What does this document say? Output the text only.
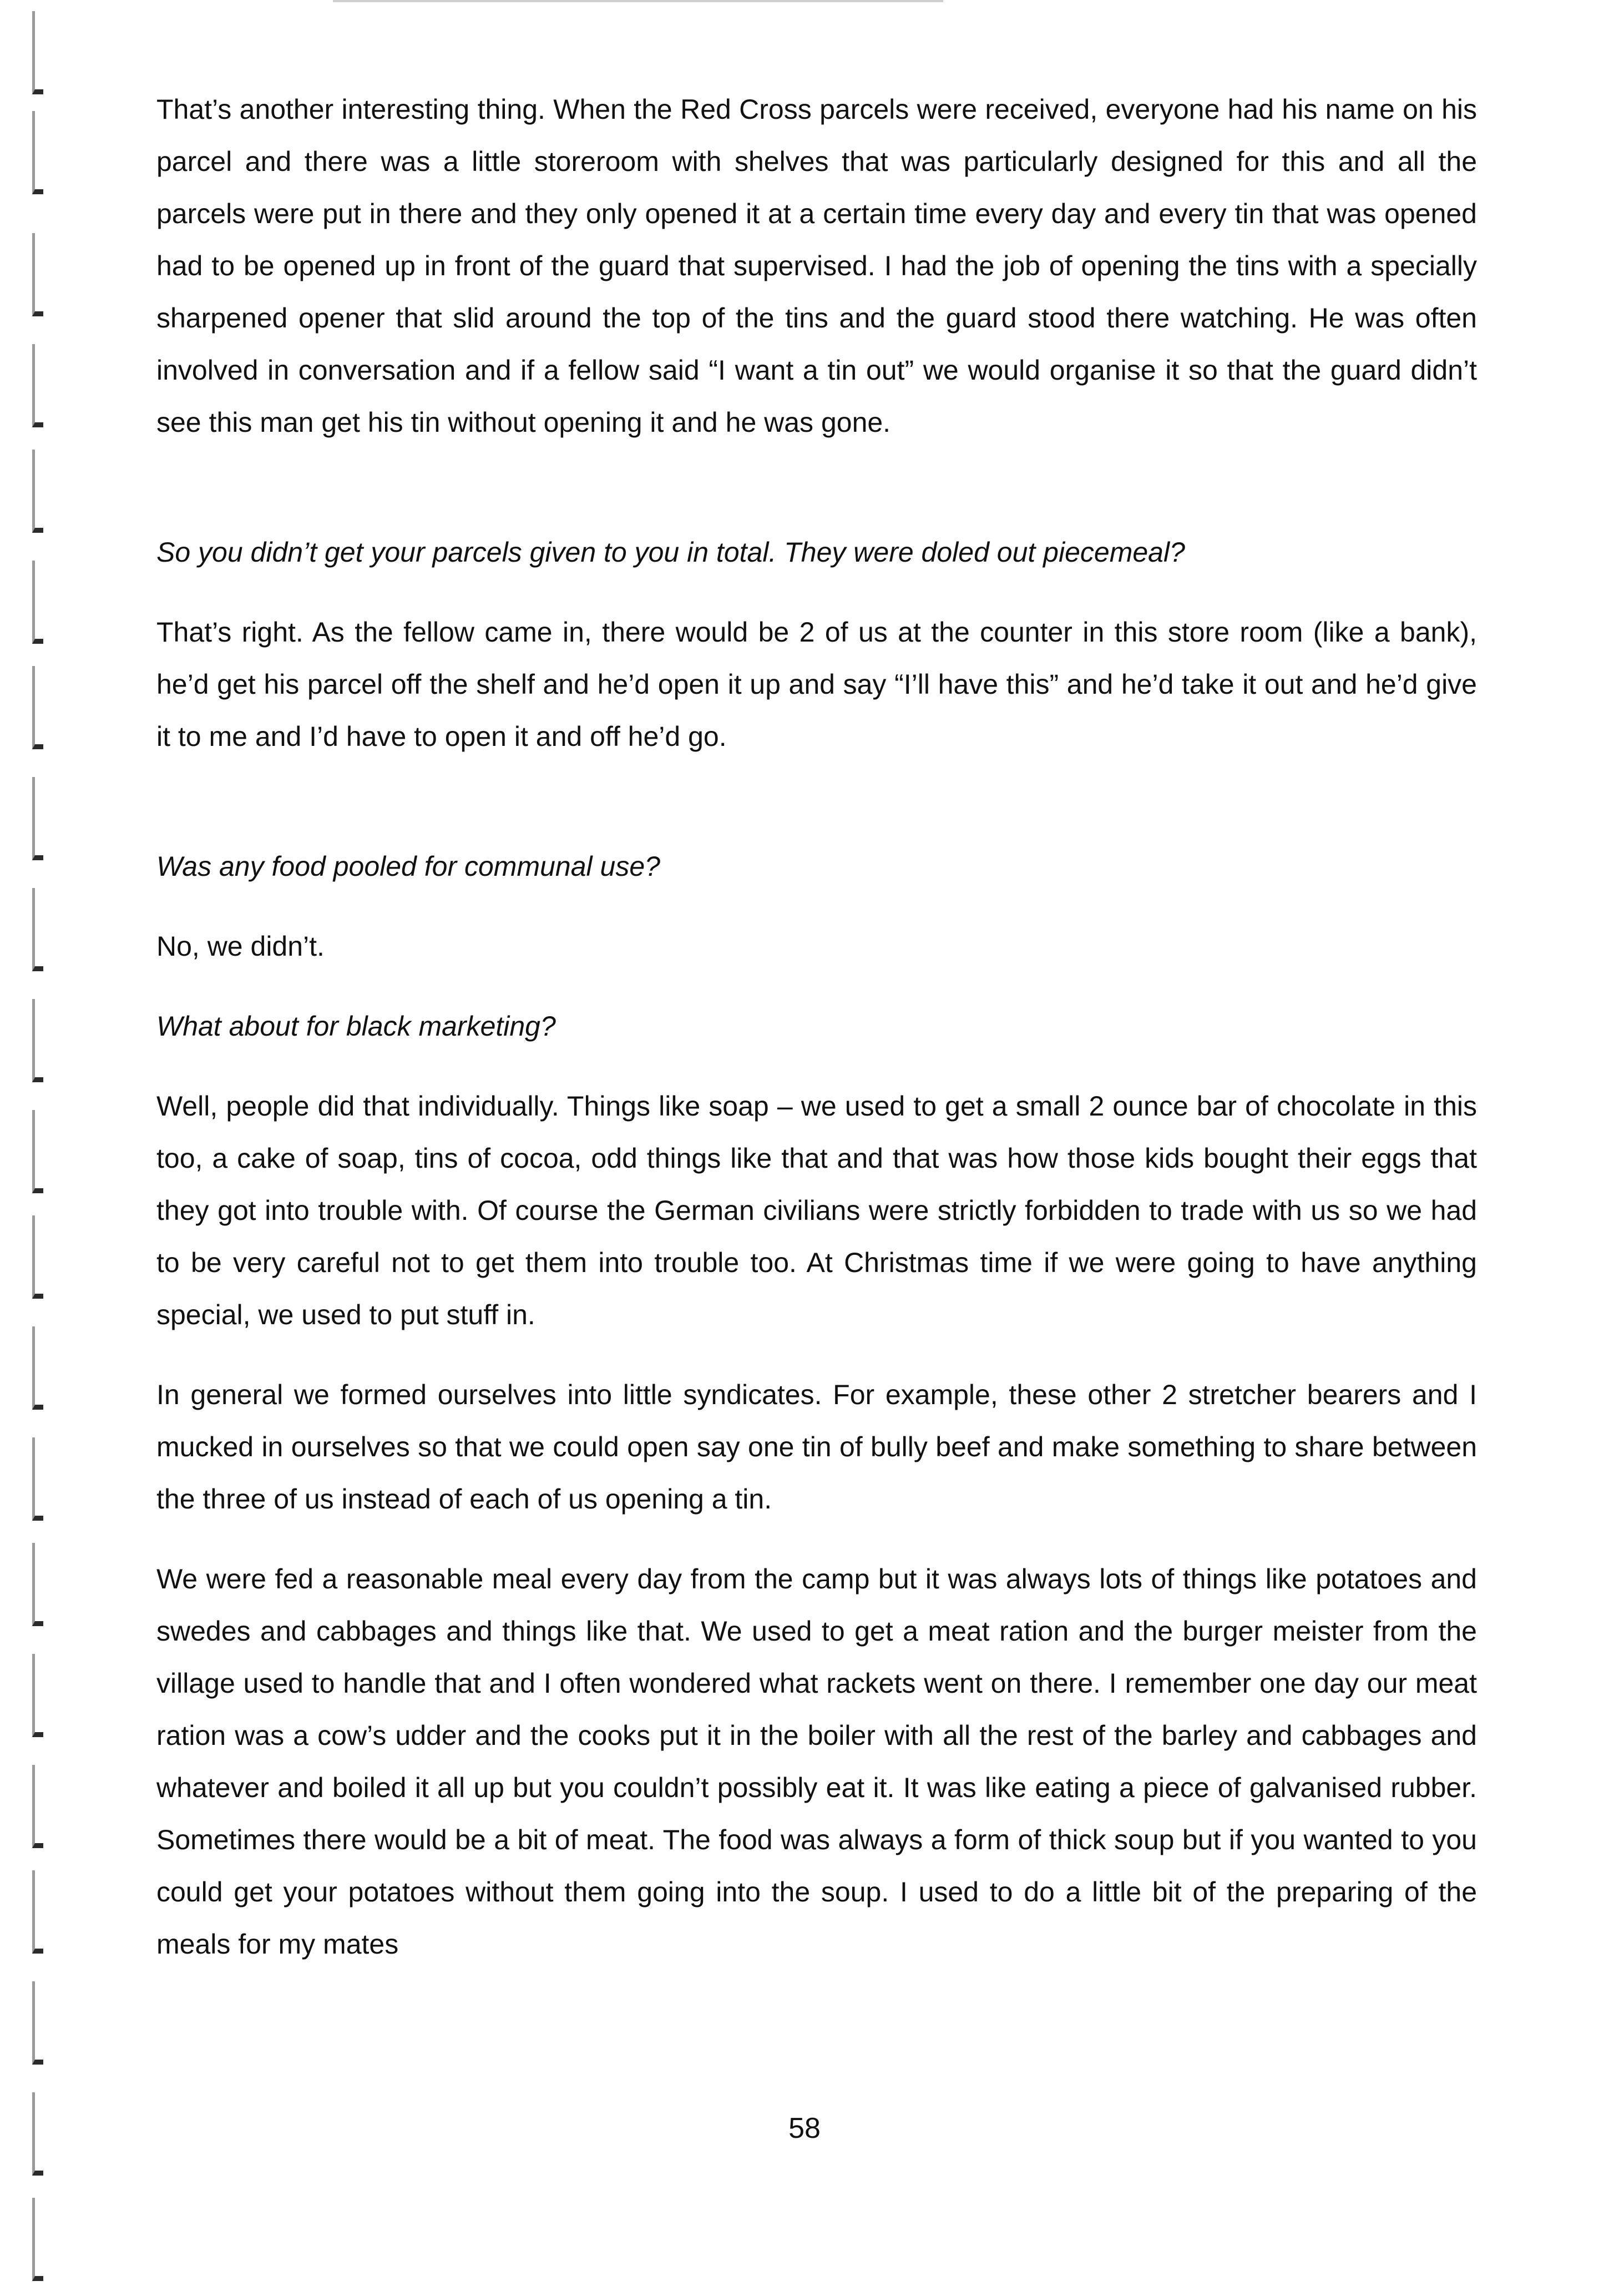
That’s another interesting thing. When the Red Cross parcels were received, everyone had his name on his parcel and there was a little storeroom with shelves that was particularly designed for this and all the parcels were put in there and they only opened it at a certain time every day and every tin that was opened had to be opened up in front of the guard that supervised. I had the job of opening the tins with a specially sharpened opener that slid around the top of the tins and the guard stood there watching. He was often involved in conversation and if a fellow said “I want a tin out” we would organise it so that the guard didn’t see this man get his tin without opening it and he was gone.

So you didn’t get your parcels given to you in total. They were doled out piecemeal?

That’s right. As the fellow came in, there would be 2 of us at the counter in this store room (like a bank), he’d get his parcel off the shelf and he’d open it up and say “I’ll have this” and he’d take it out and he’d give it to me and I’d have to open it and off he’d go.

Was any food pooled for communal use?

No, we didn’t.

What about for black marketing?

Well, people did that individually. Things like soap – we used to get a small 2 ounce bar of chocolate in this too, a cake of soap, tins of cocoa, odd things like that and that was how those kids bought their eggs that they got into trouble with. Of course the German civilians were strictly forbidden to trade with us so we had to be very careful not to get them into trouble too. At Christmas time if we were going to have anything special, we used to put stuff in.

In general we formed ourselves into little syndicates. For example, these other 2 stretcher bearers and I mucked in ourselves so that we could open say one tin of bully beef and make something to share between the three of us instead of each of us opening a tin.

We were fed a reasonable meal every day from the camp but it was always lots of things like potatoes and swedes and cabbages and things like that. We used to get a meat ration and the burger meister from the village used to handle that and I often wondered what rackets went on there. I remember one day our meat ration was a cow’s udder and the cooks put it in the boiler with all the rest of the barley and cabbages and whatever and boiled it all up but you couldn’t possibly eat it. It was like eating a piece of galvanised rubber. Sometimes there would be a bit of meat. The food was always a form of thick soup but if you wanted to you could get your potatoes without them going into the soup. I used to do a little bit of the preparing of the meals for my mates

58
